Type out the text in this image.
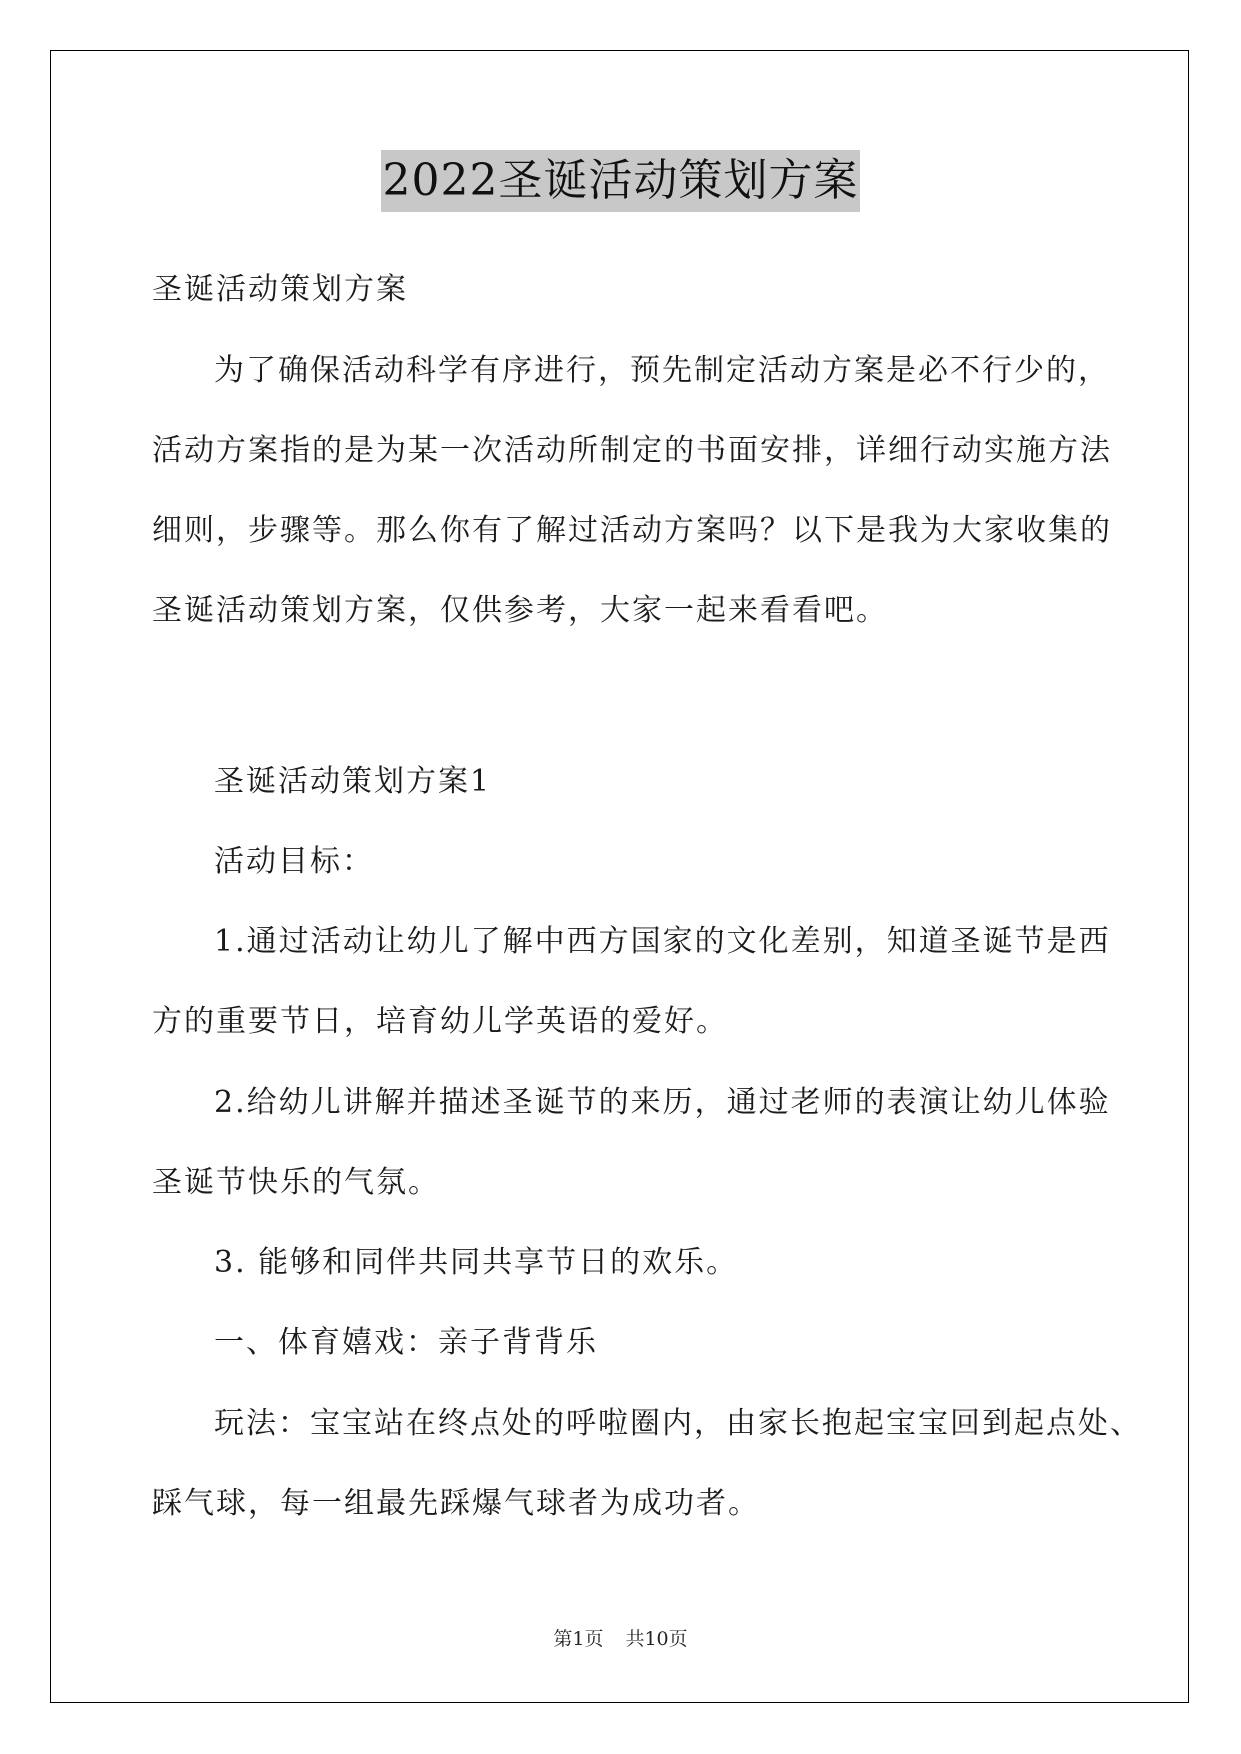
2022圣诞活动策划方案
圣诞活动策划方案
为了确保活动科学有序进行，预先制定活动方案是必不行少的，
活动方案指的是为某一次活动所制定的书面安排，详细行动实施方法
细则，步骤等。那么你有了解过活动方案吗？以下是我为大家收集的
圣诞活动策划方案，仅供参考，大家一起来看看吧。
圣诞活动策划方案1
活动目标：
1.通过活动让幼儿了解中西方国家的文化差别，知道圣诞节是西
方的重要节日，培育幼儿学英语的爱好。
2.给幼儿讲解并描述圣诞节的来历，通过老师的表演让幼儿体验
圣诞节快乐的气氛。
3. 能够和同伴共同共享节日的欢乐。
一、体育嬉戏：亲子背背乐
玩法：宝宝站在终点处的呼啦圈内，由家长抱起宝宝回到起点处、
踩气球，每一组最先踩爆气球者为成功者。
第1页 共10页
